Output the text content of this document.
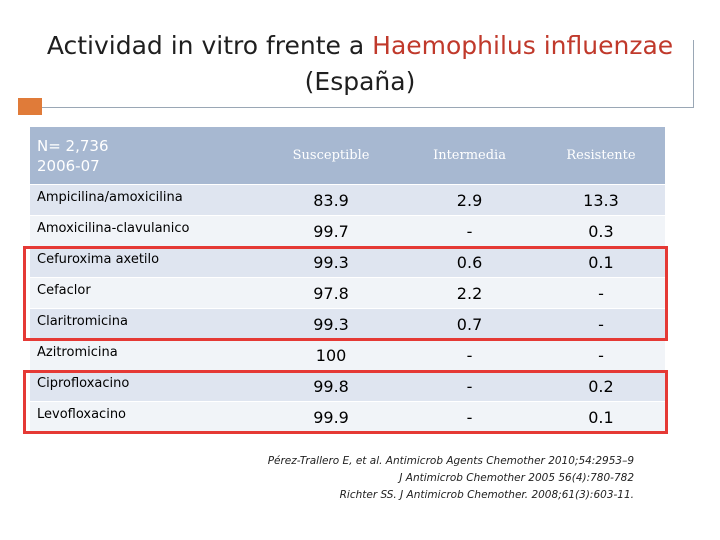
Actividad in vitro frente a Haemophilus influenzae
(España)
N= 2,736
2006-07	Susceptible	Intermedia	Resistente
Ampicilina/amoxicilina	83.9	2.9	13.3
Amoxicilina-clavulanico	99.7	-	0.3
Cefuroxima axetilo	99.3	0.6	0.1
Cefaclor	97.8	2.2	-
Claritromicina	99.3	0.7	-
Azitromicina	100	-	-
Ciprofloxacino	99.8	-	0.2
Levofloxacino	99.9	-	0.1
Pérez-Trallero E, et al. Antimicrob Agents Chemother 2010;54:2953–9
J Antimicrob Chemother 2005 56(4):780-782
Richter SS. J Antimicrob Chemother. 2008;61(3):603-11.
